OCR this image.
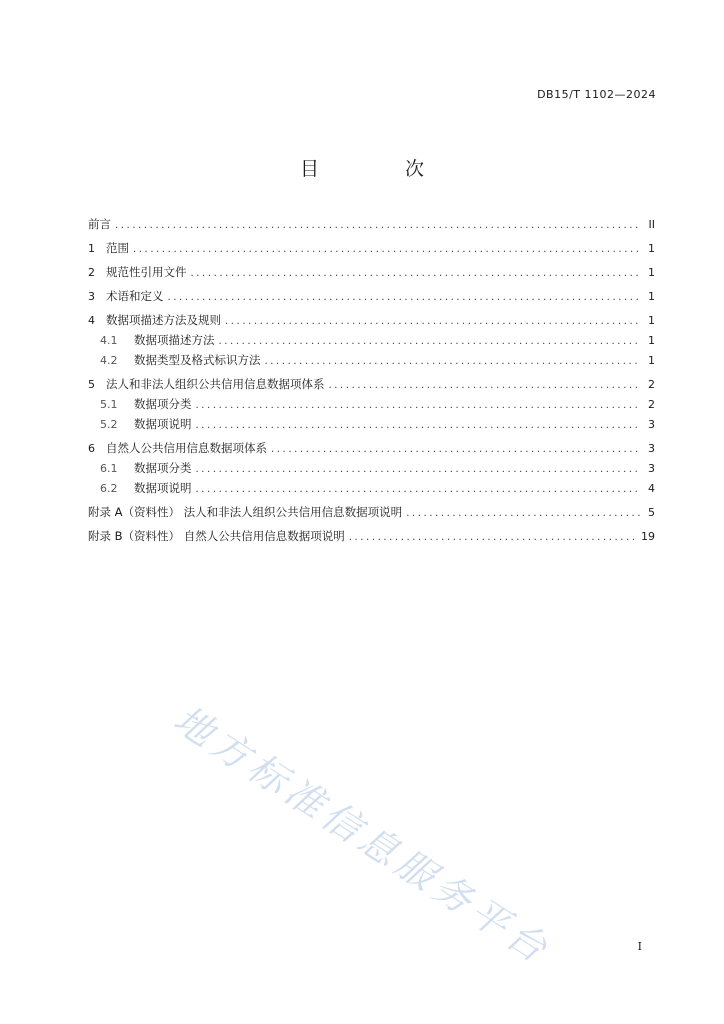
DB15/T 1102—2024
目 次
前言 .....	II
1 范围 .....	1
2 规范性引用文件 .....	1
3 术语和定义 .....	1
4 数据项描述方法及规则 .....	1
4.1	数据项描述方法 .....	1
4.2	数据类型及格式标识方法 .....	1
5 法人和非法人组织公共信用信息数据项体系 .....	2
5.1	数据项分类 .....	2
5.2	数据项说明 .....	3
6 自然人公共信用信息数据项体系 .....	3
6.1	数据项分类 .....	3
6.2	数据项说明 .....	4
附录 A（资料性） 法人和非法人组织公共信用信息数据项说明 .....	5
附录 B（资料性） 自然人公共信用信息数据项说明 .....	19
地方标准信息服务平台	I
